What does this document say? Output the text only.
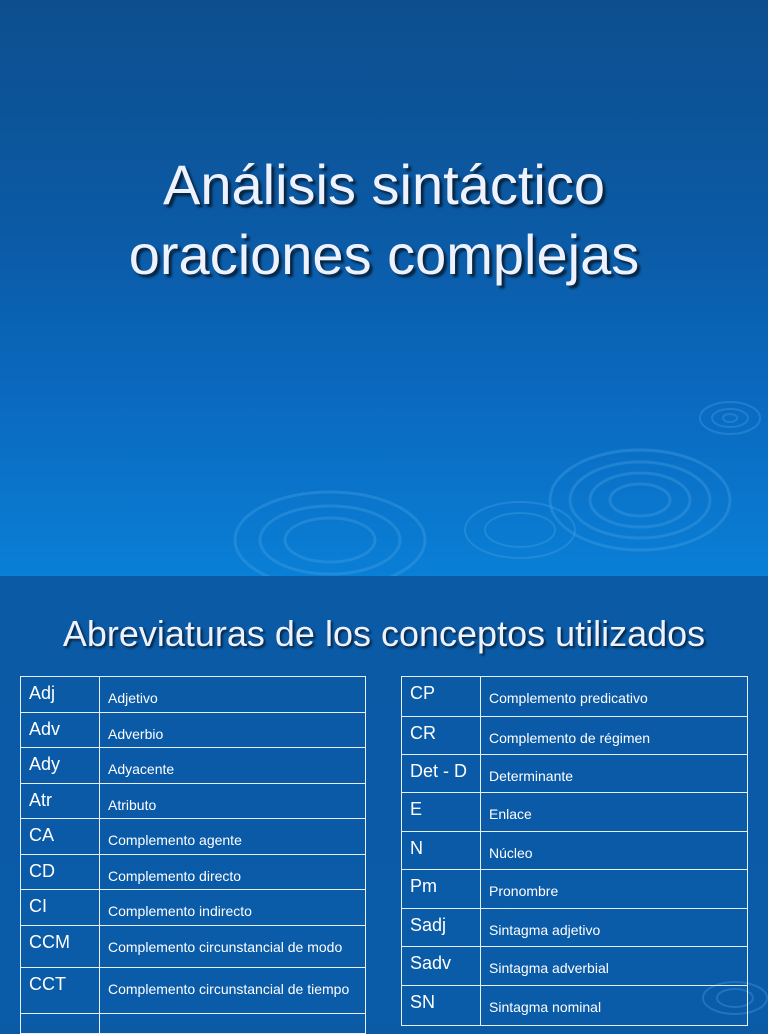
Análisis sintáctico
oraciones complejas
Abreviaturas de los conceptos utilizados
Adj	Adjetivo
Adv	Adverbio
Ady	Adyacente
Atr	Atributo
CA	Complemento agente
CD	Complemento directo
CI	Complemento indirecto
CCM	Complemento circunstancial de modo
CCT	Complemento circunstancial de tiempo

CP	Complemento predicativo
CR	Complemento de régimen
Det - D	Determinante
E	Enlace
N	Núcleo
Pm	Pronombre
Sadj	Sintagma adjetivo
Sadv	Sintagma adverbial
SN	Sintagma nominal
